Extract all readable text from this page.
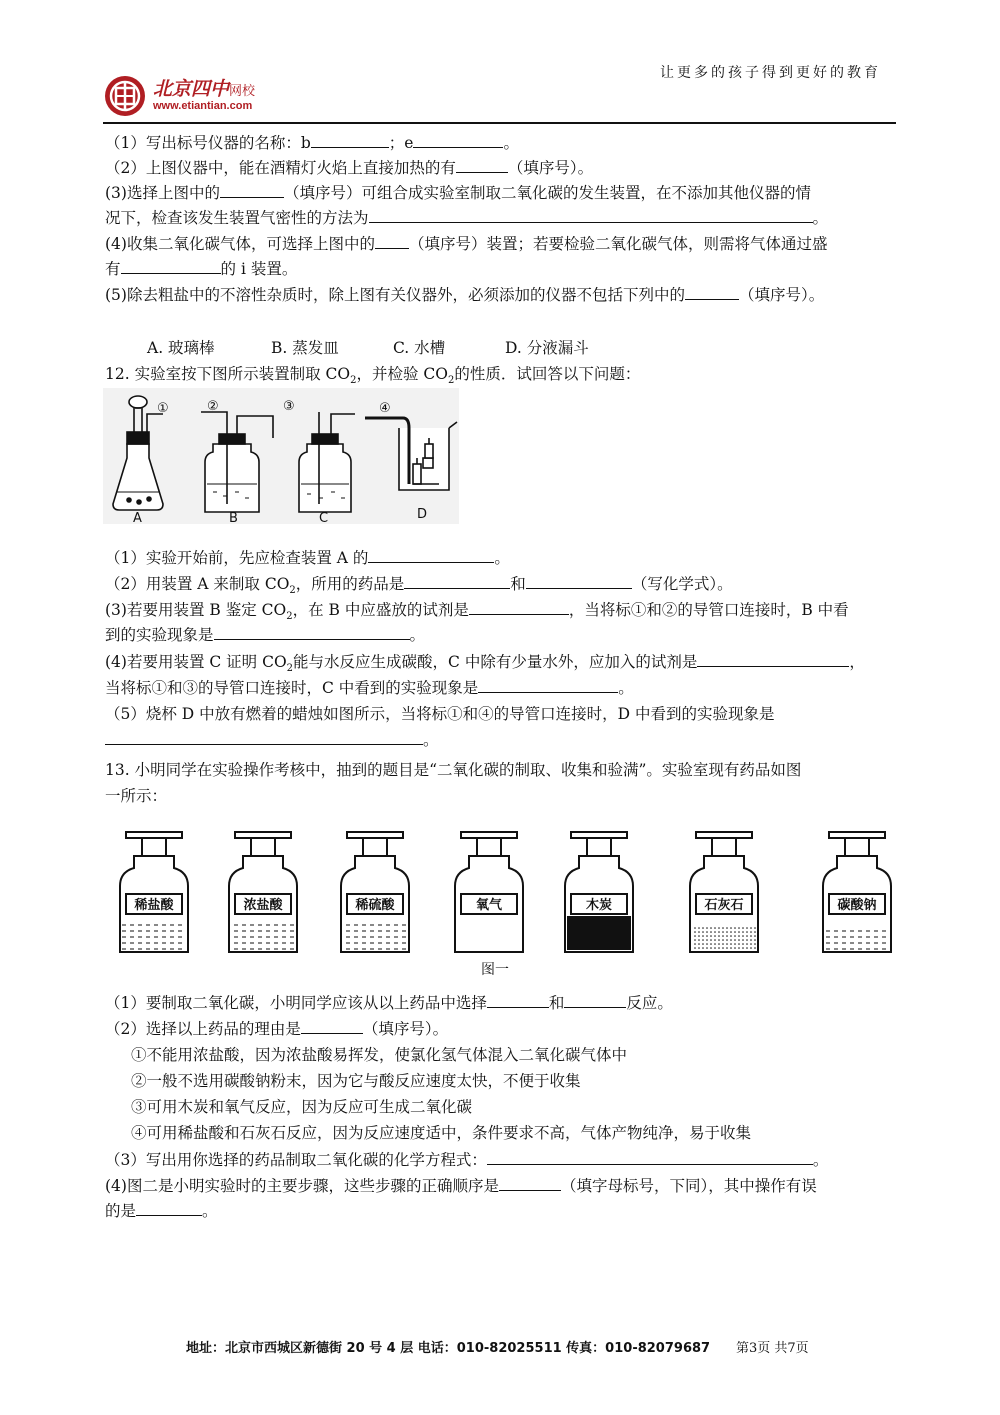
让更多的孩子得到更好的教育
北京四中网校
www.etiantian.com
（1）写出标号仪器的名称：b	；e	。
（2）上图仪器中，能在酒精灯火焰上直接加热的有	（填序号）。
(3)选择上图中的	（填序号）可组合成实验室制取二氧化碳的发生装置，在不添加其他仪器的情
况下，检查该发生装置气密性的方法为	。
(4)收集二氧化碳气体，可选择上图中的 （填序号）装置；若要检验二氧化碳气体，则需将气体通过盛
有	的 i 装置。
(5)除去粗盐中的不溶性杂质时，除上图有关仪器外，必须添加的仪器不包括下列中的	（填序号）。
A. 玻璃棒	B. 蒸发皿	C. 水槽	D. 分液漏斗
12. 实验室按下图所示装置制取 $CO_2$，并检验 $CO_2$的性质．试回答以下问题：
①	②	③	④
A	B	C	D
（1）实验开始前，先应检查装置 A 的	。
（2）用装置 A 来制取 $CO_2$，所用的药品是	和	（写化学式）。
(3)若要用装置 B 鉴定 $CO_2$，在 B 中应盛放的试剂是	，当将标①和②的导管口连接时，B 中看
到的实验现象是	。
(4)若要用装置 C 证明 $CO_2$能与水反应生成碳酸，C 中除有少量水外，应加入的试剂是	，
当将标①和③的导管口连接时，C 中看到的实验现象是	。
（5）烧杯 D 中放有燃着的蜡烛如图所示，当将标①和④的导管口连接时，D 中看到的实验现象是
。
13. 小明同学在实验操作考核中，抽到的题目是“二氧化碳的制取、收集和验满”。实验室现有药品如图
一所示：
稀盐酸	浓盐酸	稀硫酸	氧气	木炭	石灰石	碳酸钠
图一
（1）要制取二氧化碳，小明同学应该从以上药品中选择	和	反应。
（2）选择以上药品的理由是	（填序号）。
①不能用浓盐酸，因为浓盐酸易挥发，使氯化氢气体混入二氧化碳气体中
②一般不选用碳酸钠粉末，因为它与酸反应速度太快，不便于收集
③可用木炭和氧气反应，因为反应可生成二氧化碳
④可用稀盐酸和石灰石反应，因为反应速度适中，条件要求不高，气体产物纯净，易于收集
（3）写出用你选择的药品制取二氧化碳的化学方程式：	。
(4)图二是小明实验时的主要步骤，这些步骤的正确顺序是	（填字母标号，下同），其中操作有误
的是	。
地址：北京市西城区新德街 20 号 4 层 电话：010-82025511 传真：010-82079687 第3页 共7页
